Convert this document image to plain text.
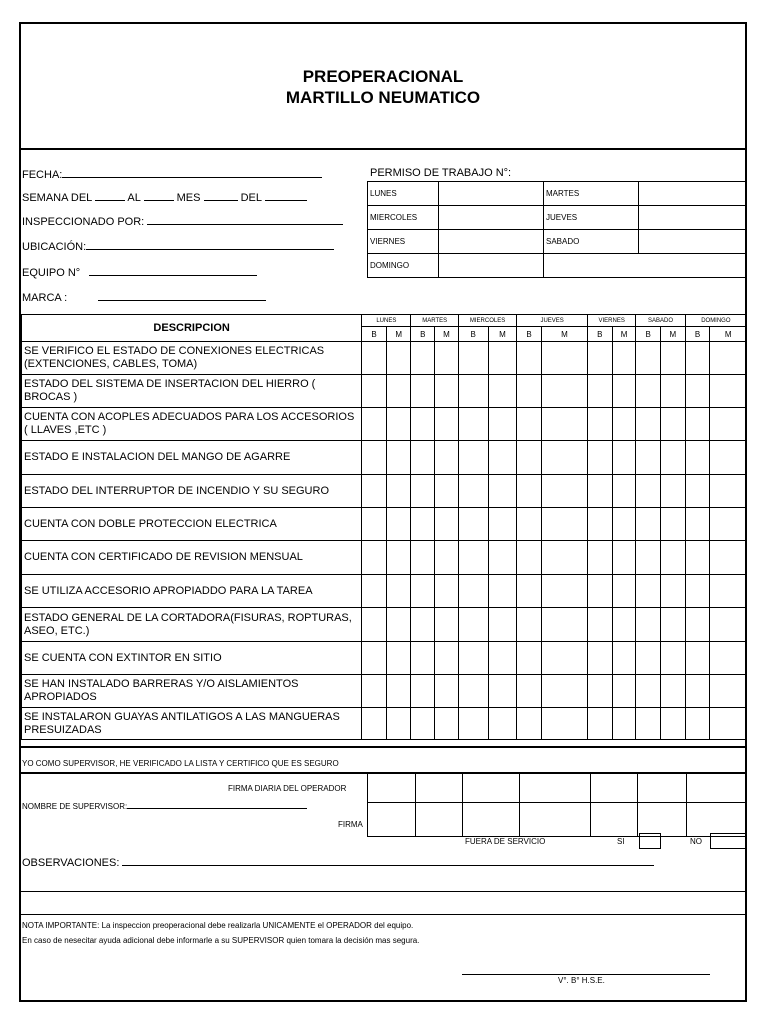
PREOPERACIONAL
MARTILLO NEUMATICO
FECHA:
SEMANA DEL	AL	MES	DEL
INSPECCIONADO POR:
UBICACIÓN:
EQUIPO N°
MARCA :
PERMISO DE TRABAJO N°:
LUNES		MARTES	
MIERCOLES		JUEVES	
VIERNES		SABADO	
DOMINGO			
DESCRIPCION	LUNES		MARTES		MIERCOLES		JUEVES		VIERNES		SABADO		DOMINGO	
	B	M	B	M	B	M	B	M	B	M	B	M	B	M
SE VERIFICO EL ESTADO DE CONEXIONES ELECTRICAS (EXTENCIONES, CABLES, TOMA)														
ESTADO DEL SISTEMA DE INSERTACION DEL HIERRO ( BROCAS )														
CUENTA CON ACOPLES ADECUADOS PARA LOS ACCESORIOS ( LLAVES ,ETC )														
ESTADO E INSTALACION DEL MANGO DE AGARRE														
ESTADO DEL INTERRUPTOR DE INCENDIO Y SU SEGURO														
CUENTA CON DOBLE PROTECCION ELECTRICA														
CUENTA CON CERTIFICADO DE REVISION MENSUAL														
SE UTILIZA ACCESORIO APROPIADDO PARA LA TAREA														
ESTADO GENERAL DE LA CORTADORA(FISURAS, ROPTURAS, ASEO, ETC.)														
SE CUENTA CON EXTINTOR EN SITIO														
SE HAN INSTALADO BARRERAS Y/O AISLAMIENTOS APROPIADOS														
SE INSTALARON GUAYAS ANTILATIGOS A LAS MANGUERAS PRESUIZADAS														
YO COMO SUPERVISOR, HE VERIFICADO LA LISTA Y CERTIFICO QUE ES SEGURO
FIRMA DIARIA DEL OPERADOR
NOMBRE DE SUPERVISOR:
FIRMA

FUERA DE SERVICIO	SI	NO
OBSERVACIONES:
NOTA IMPORTANTE: La inspeccion preoperacional debe realizarla UNICAMENTE el OPERADOR del equipo.
En caso de nesecitar ayuda adicional debe informarle a su SUPERVISOR quien tomara la decisión mas segura.
V°. B° H.S.E.
